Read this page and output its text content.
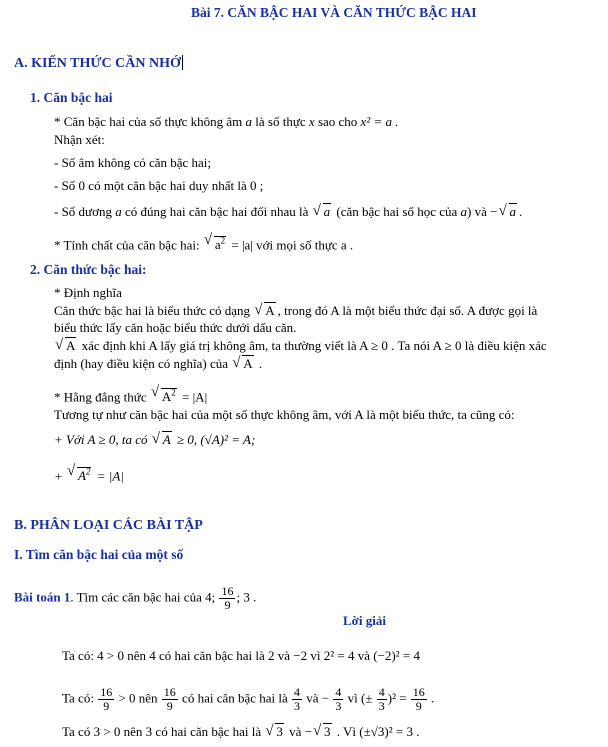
Bài 7. CĂN BẬC HAI VÀ CĂN THỨC BẬC HAI
A. KIẾN THỨC CẦN NHỚ
1. Căn bậc hai
* Căn bậc hai của số thực không âm a là số thực x sao cho x² = a .
Nhận xét:
- Số âm không có căn bậc hai;
- Số 0 có một căn bậc hai duy nhất là 0 ;
- Số dương a có đúng hai căn bậc hai đối nhau là √ a (căn bậc hai số học của a) và − √ a .
* Tính chất của căn bậc hai: √ $a^2 = |a|$ với mọi số thực a .
2. Căn thức bậc hai:
* Định nghĩa
Căn thức bậc hai là biểu thức có dạng √ A , trong đó A là một biểu thức đại số. A được gọi là
biểu thức lấy căn hoặc biểu thức dưới dấu căn.
√ A xác định khi A lấy giá trị không âm, ta thường viết là A ≥ 0 . Ta nói A ≥ 0 là điều kiện xác
định (hay điều kiện có nghĩa) của √ A .
* Hằng đẳng thức √ $A^2 = |A|$
Tương tự như căn bậc hai của một số thực không âm, với A là một biểu thức, ta cũng có:
+ Với A ≥ 0, ta có √ A ≥ 0, (√A)² = A;
+ √ $A^2 = |A|$
B. PHÂN LOẠI CÁC BÀI TẬP
I. Tìm căn bậc hai của một số
Bài toán 1. Tìm các căn bậc hai của 4; $\frac{16}{9}$ ; 3 .
Lời giải
Ta có: 4 > 0 nên 4 có hai căn bậc hai là 2 và −2 vì 2² = 4 và (−2)² = 4
Ta có: $\frac{16}{9} > 0$ nên $\frac{16}{9}$ có hai căn bậc hai là $\frac{4}{3}$ và − $\frac{4}{3}$ vì (± $\frac{4}{3} )^2 = \frac{16}{9}$ .
Ta có 3 > 0 nên 3 có hai căn bậc hai là √ 3 và − √ 3 . Vì (±√3)² = 3 .
